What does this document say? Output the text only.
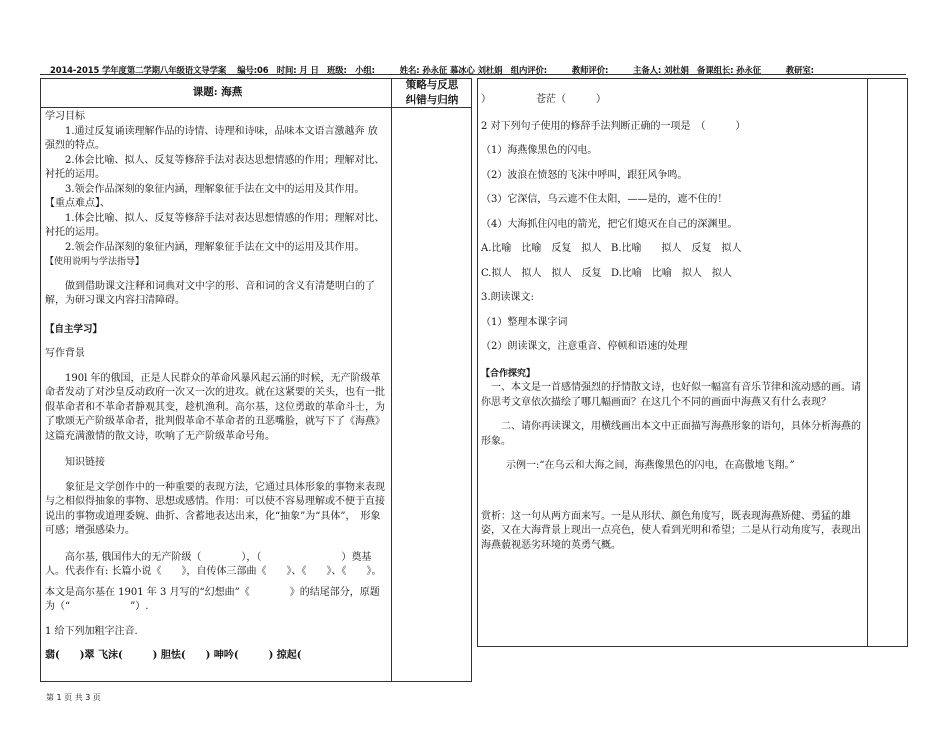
2014-2015 学年度第二学期八年级语文导学案　 编号:06　时间: 月 日　班级:　小组:　　　姓名: 孙永征 慕冰心 刘杜娟　组内评价:　　　教师评价:　　　主备人: 刘杜娟　备课组长: 孙永征　　　教研室:
课题: 海燕
策略与反思
纠错与归纳

学习目标

1.通过反复诵读理解作品的诗情、诗理和诗味，品味本文语言激越奔 放强烈的特点。

2.体会比喻、拟人、反复等修辞手法对表达思想情感的作用；理解对比、衬托的运用。

3.领会作品深刻的象征内涵，理解象征手法在文中的运用及其作用。

【重点难点】、

1.体会比喻、拟人、反复等修辞手法对表达思想情感的作用；理解对比、衬托的运用。

2.领会作品深刻的象征内涵，理解象征手法在文中的运用及其作用。

【使用说明与学法指导】

做到借助课文注释和词典对文中字的形、音和词的含义有清楚明白的了解，为研习课文内容扫清障碍。

【自主学习】

写作背景

190l 年的俄国，正是人民群众的革命风暴风起云涌的时候，无产阶级革命者发动了对沙皇反动政府一次又一次的进攻。就在这紧要的关头，也有一批假革命者和不革命者静观其变，趁机渔利。高尔基，这位勇敢的革命斗士，为了歌颂无产阶级革命者，批判假革命不革命者的丑恶嘴脸，就写下了《海燕》这篇充满激情的散文诗，吹响了无产阶级革命号角。

知识链接

象征是文学创作中的一种重要的表现方法，它通过具体形象的事物来表现与之相似得抽象的事物、思想或感情。作用：可以使不容易理解或不便于直接说出的事物或道理委婉、曲折、含蓄地表达出来，化“抽象”为“具体”，　形象可感；增强感染力。

高尔基, 俄国伟大的无产阶级（　　　　），（　　　　　　　　）奠基人。代表作有: 长篇小说《　　》，自传体三部曲《　　》、《　　》、《　　》。

本文是高尔基在 1901 年 3 月写的“幻想曲”《　　　　》的结尾部分，原题为（“　　　　　　”）.

1 给下列加粗字注音.

翡(　　)翠 飞沫(　　　) 胆怯(　　) 呻吟(　　　) 掠起(　

）　　　　　苍茫（　　　）

2 对下列句子使用的修辞手法判断正确的一项是　（　　　）

（1）海燕像黑色的闪电。

（2）波浪在愤怒的飞沫中呼叫，跟狂风争鸣。

（3）它深信，乌云遮不住太阳，——是的，遮不住的！

（4）大海抓住闪电的箭光，把它们熄灭在自己的深渊里。

A.比喻　比喻　反复　拟人 B.比喻　　拟人　反复　拟人
C.拟人　拟人　拟人　反复 D.比喻　比喻　拟人　拟人

3.朗读课文:

（1）整理本课字词

（2）朗读课文，注意重音、停顿和语速的处理

【合作探究】

一、本文是一首感情强烈的抒情散文诗，也好似一幅富有音乐节律和流动感的画。请你思考文章依次描绘了哪几幅画面？在这几个不同的画面中海燕又有什么表现？

二、请你再读课文，用横线画出本文中正面描写海燕形象的语句，具体分析海燕的形象。

示例一:“在乌云和大海之间，海燕像黑色的闪电，在高傲地飞翔。”

赏析：这一句从两方面来写。一是从形状、颜色角度写，既表现海燕矫健、勇猛的雄姿，又在大海背景上现出一点亮色，使人看到光明和希望；二是从行动角度写，表现出海燕藐视恶劣环境的英勇气概。

第 1 页 共 3 页
